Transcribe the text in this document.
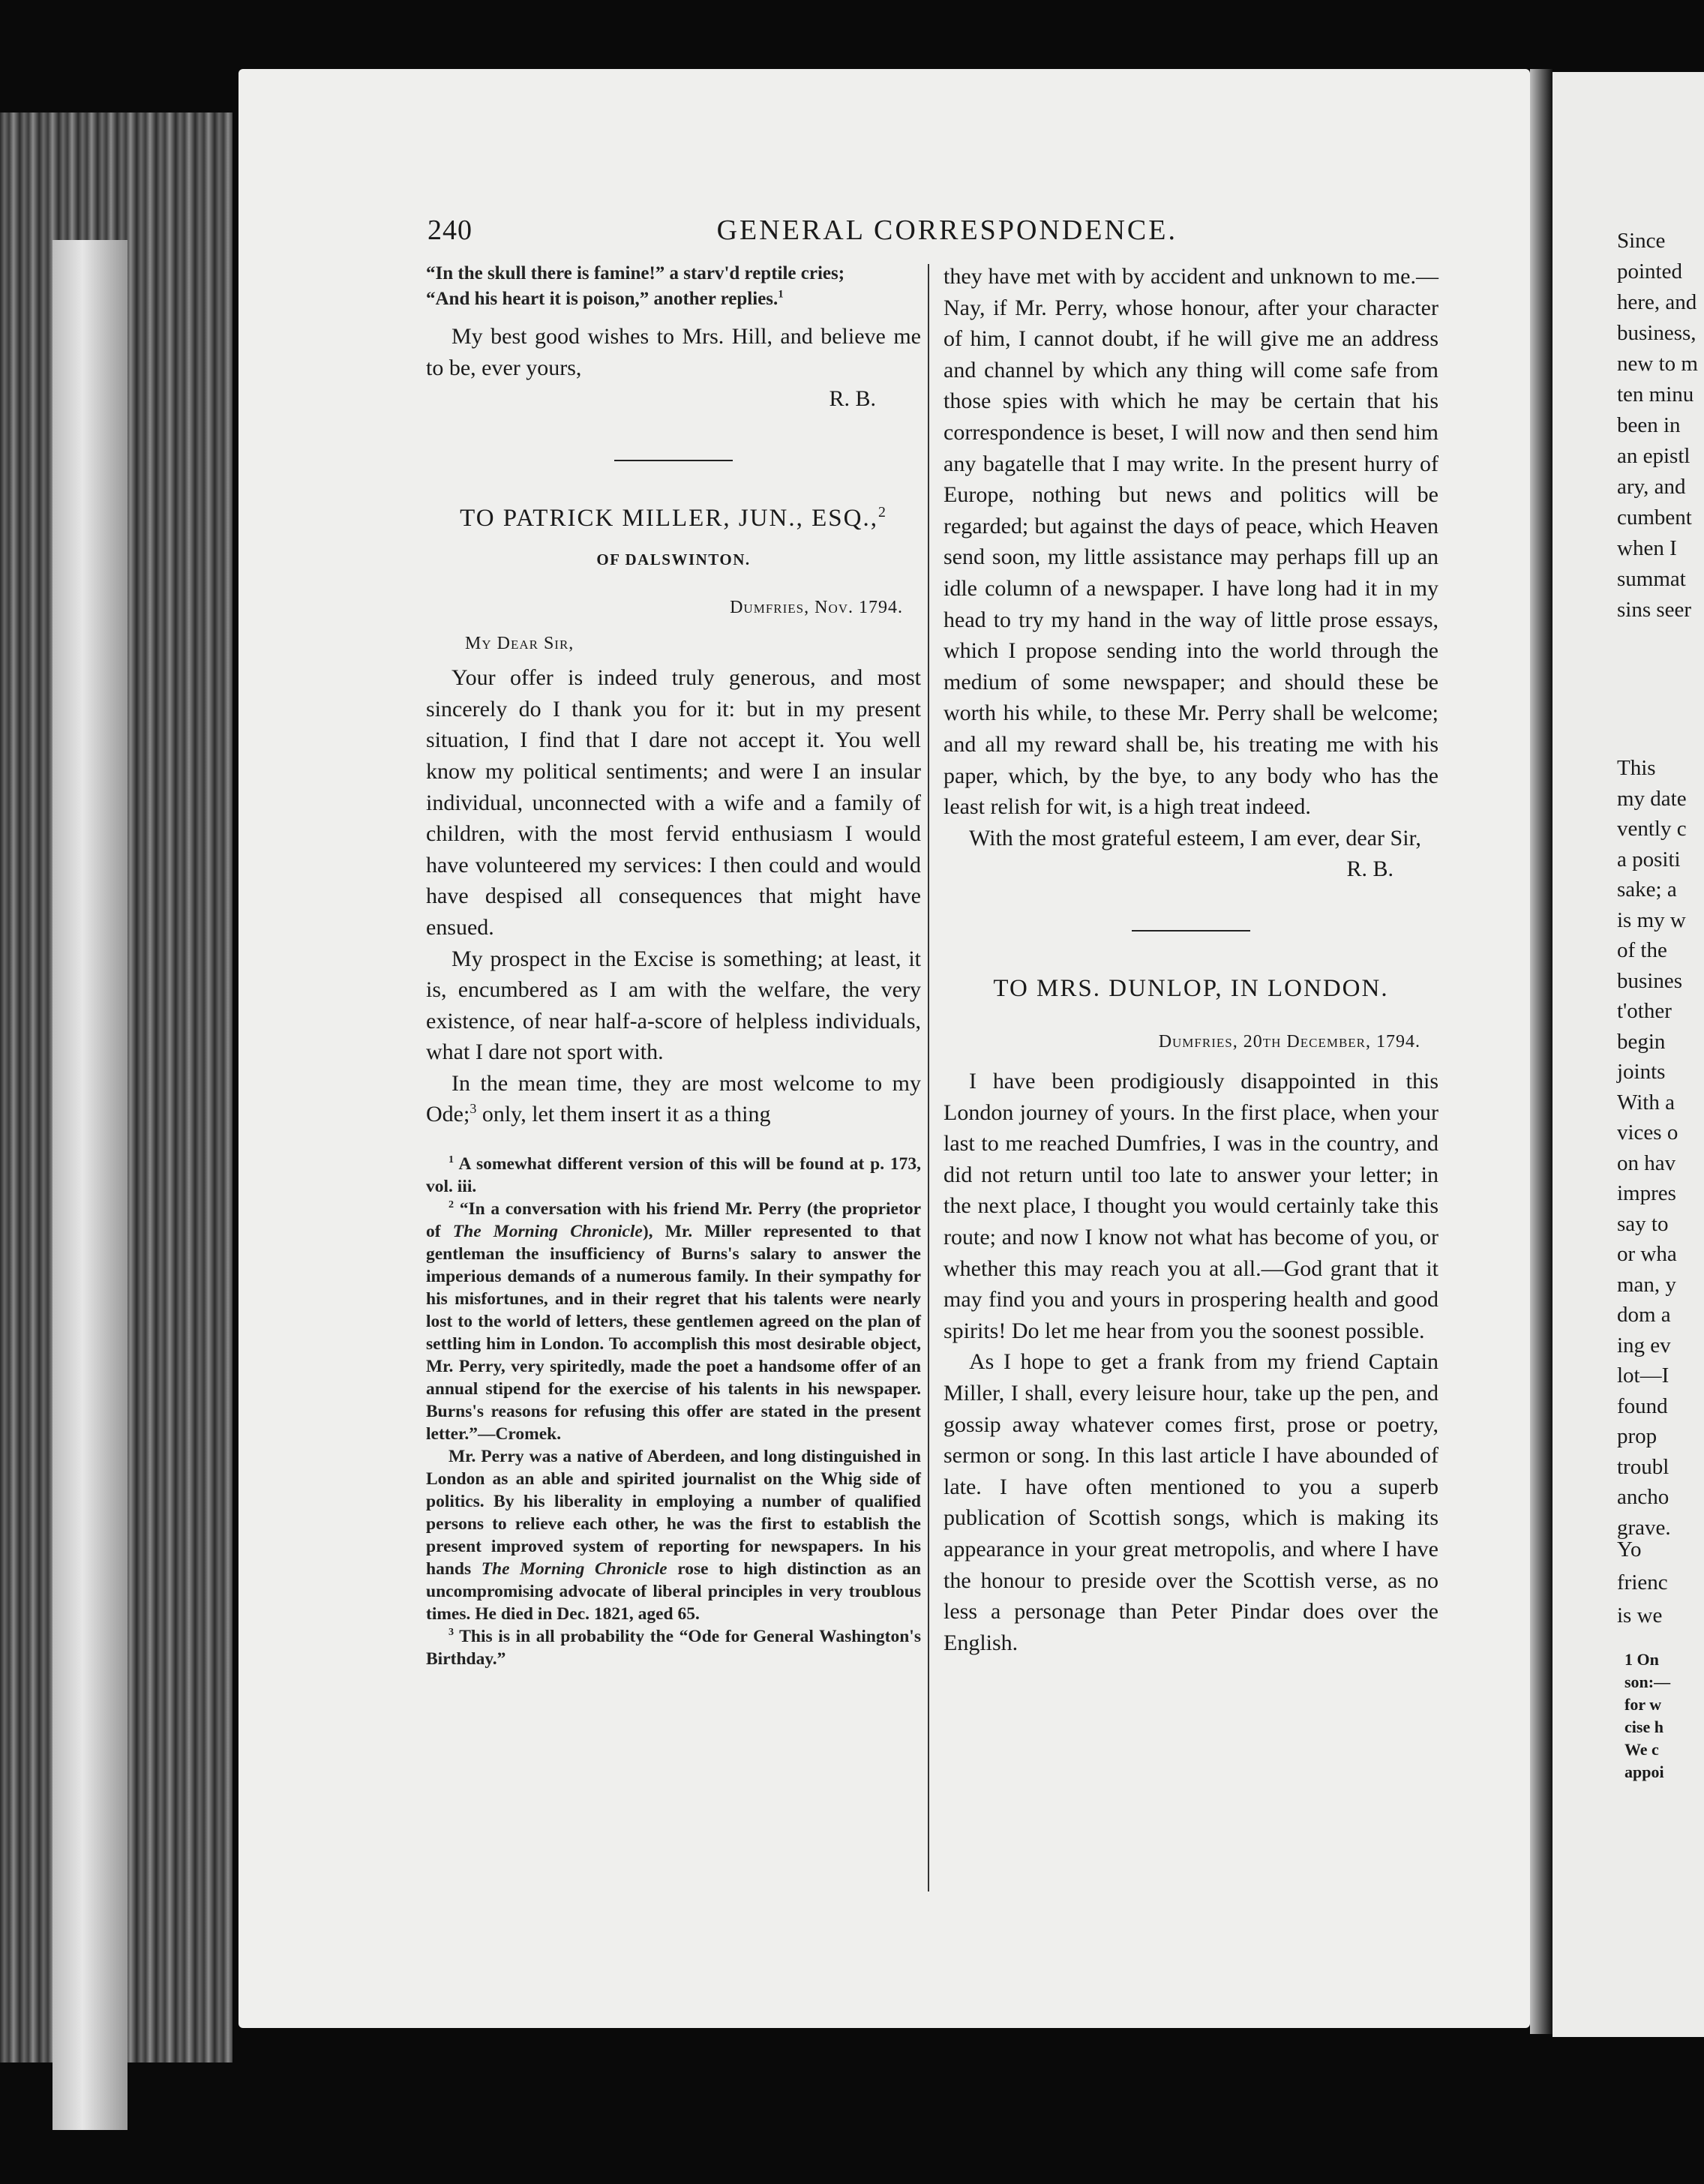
Since
pointed
here, and
business,
new to m
ten minu
been in
an epistl
ary, and
cumbent
when I
summat
sins seer
This
my date
vently c
a positi
sake; a
is my w
of the
busines
t'other
begin
joints
With a
vices o
on hav
impres
say to
or wha
man, y
dom a
ing ev
lot—I
found
prop
troubl
ancho
grave.
Yo
frienc
is we
1 On
son:—
for w
cise h
We c
appoi
240	GENERAL CORRESPONDENCE.
“In the skull there is famine!” a starv'd reptile cries;
“And his heart it is poison,” another replies.$^1$

My best good wishes to Mrs. Hill, and believe me to be, ever yours,

R. B.

TO PATRICK MILLER, JUN., ESQ.,$^2$

OF DALSWINTON.

Dumfries, Nov. 1794.

My Dear Sir,

Your offer is indeed truly generous, and most sincerely do I thank you for it: but in my present situation, I find that I dare not accept it. You well know my political sentiments; and were I an insular individual, unconnected with a wife and a family of children, with the most fervid enthusiasm I would have volunteered my services: I then could and would have despised all consequences that might have ensued.

My prospect in the Excise is something; at least, it is, encumbered as I am with the welfare, the very existence, of near half-a-score of helpless individuals, what I dare not sport with.

In the mean time, they are most welcome to my Ode;$^3$ only, let them insert it as a thing

$^1$ A somewhat different version of this will be found at p. 173, vol. iii.

$^2$ “In a conversation with his friend Mr. Perry (the proprietor of The Morning Chronicle), Mr. Miller represented to that gentleman the insufficiency of Burns's salary to answer the imperious demands of a numerous family. In their sympathy for his misfortunes, and in their regret that his talents were nearly lost to the world of letters, these gentlemen agreed on the plan of settling him in London. To accomplish this most desirable object, Mr. Perry, very spiritedly, made the poet a handsome offer of an annual stipend for the exercise of his talents in his newspaper. Burns's reasons for refusing this offer are stated in the present letter.”—Cromek.

Mr. Perry was a native of Aberdeen, and long distinguished in London as an able and spirited journalist on the Whig side of politics. By his liberality in employing a number of qualified persons to relieve each other, he was the first to establish the present improved system of reporting for newspapers. In his hands The Morning Chronicle rose to high distinction as an uncompromising advocate of liberal principles in very troublous times. He died in Dec. 1821, aged 65.

$^3$ This is in all probability the “Ode for General Washington's Birthday.”

they have met with by accident and unknown to me.—Nay, if Mr. Perry, whose honour, after your character of him, I cannot doubt, if he will give me an address and channel by which any thing will come safe from those spies with which he may be certain that his correspondence is beset, I will now and then send him any bagatelle that I may write. In the present hurry of Europe, nothing but news and politics will be regarded; but against the days of peace, which Heaven send soon, my little assistance may perhaps fill up an idle column of a newspaper. I have long had it in my head to try my hand in the way of little prose essays, which I propose sending into the world through the medium of some newspaper; and should these be worth his while, to these Mr. Perry shall be welcome; and all my reward shall be, his treating me with his paper, which, by the bye, to any body who has the least relish for wit, is a high treat indeed.

With the most grateful esteem, I am ever, dear Sir,

R. B.

TO MRS. DUNLOP, IN LONDON.

Dumfries, 20th December, 1794.

I have been prodigiously disappointed in this London journey of yours. In the first place, when your last to me reached Dumfries, I was in the country, and did not return until too late to answer your letter; in the next place, I thought you would certainly take this route; and now I know not what has become of you, or whether this may reach you at all.—God grant that it may find you and yours in prospering health and good spirits! Do let me hear from you the soonest possible.

As I hope to get a frank from my friend Captain Miller, I shall, every leisure hour, take up the pen, and gossip away whatever comes first, prose or poetry, sermon or song. In this last article I have abounded of late. I have often mentioned to you a superb publication of Scottish songs, which is making its appearance in your great metropolis, and where I have the honour to preside over the Scottish verse, as no less a personage than Peter Pindar does over the English.
